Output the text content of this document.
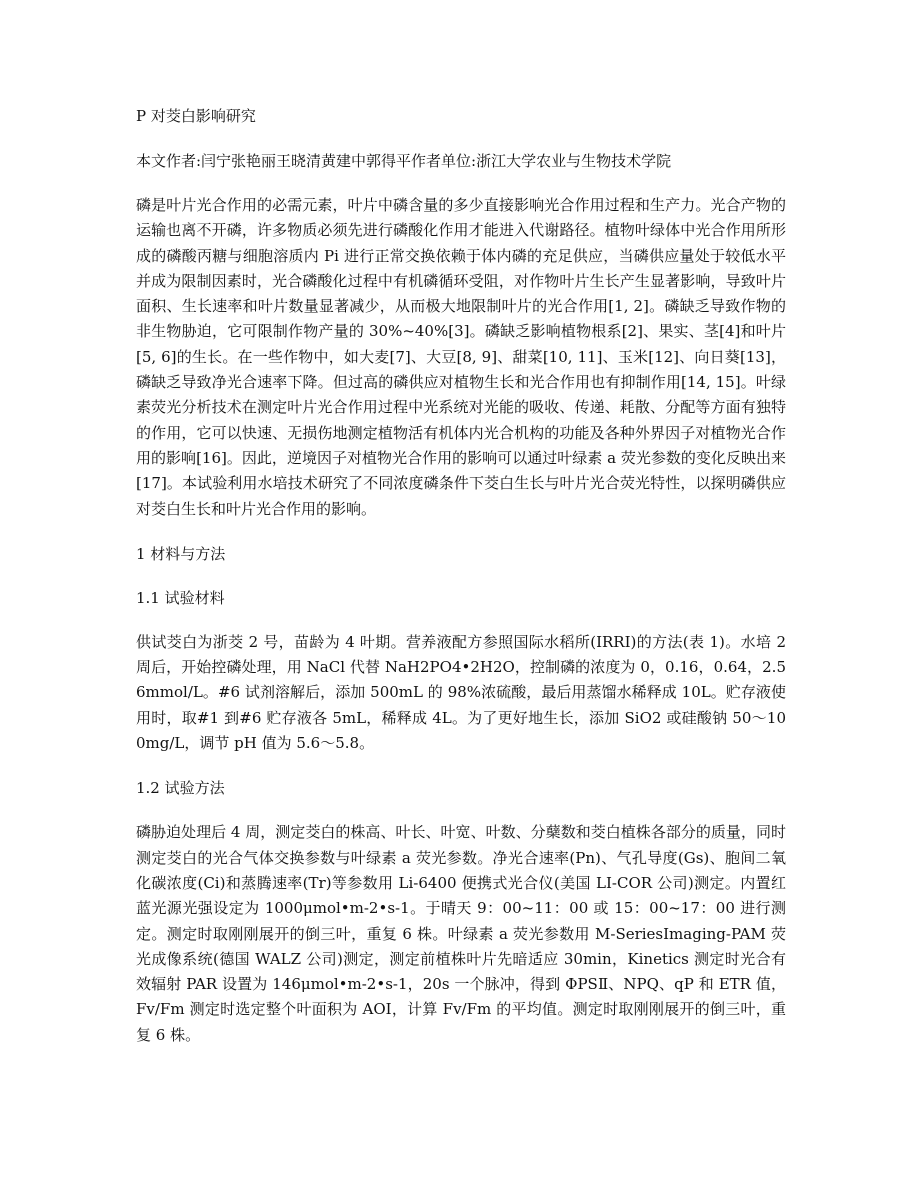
P 对茭白影响研究

本文作者:闫宁张艳丽王晓清黄建中郭得平作者单位:浙江大学农业与生物技术学院

磷是叶片光合作用的必需元素，叶片中磷含量的多少直接影响光合作用过程和生产力。光合产物的运输也离不开磷，许多物质必须先进行磷酸化作用才能进入代谢路径。植物叶绿体中光合作用所形成的磷酸丙糖与细胞溶质内 Pi 进行正常交换依赖于体内磷的充足供应，当磷供应量处于较低水平并成为限制因素时，光合磷酸化过程中有机磷循环受阻，对作物叶片生长产生显著影响，导致叶片面积、生长速率和叶片数量显著减少，从而极大地限制叶片的光合作用[1, 2]。磷缺乏导致作物的非生物胁迫，它可限制作物产量的 30%~40%[3]。磷缺乏影响植物根系[2]、果实、茎[4]和叶片[5, 6]的生长。在一些作物中，如大麦[7]、大豆[8, 9]、甜菜[10, 11]、玉米[12]、向日葵[13]，磷缺乏导致净光合速率下降。但过高的磷供应对植物生长和光合作用也有抑制作用[14, 15]。叶绿素荧光分析技术在测定叶片光合作用过程中光系统对光能的吸收、传递、耗散、分配等方面有独特的作用，它可以快速、无损伤地测定植物活有机体内光合机构的功能及各种外界因子对植物光合作用的影响[16]。因此，逆境因子对植物光合作用的影响可以通过叶绿素 a 荧光参数的变化反映出来[17]。本试验利用水培技术研究了不同浓度磷条件下茭白生长与叶片光合荧光特性，以探明磷供应对茭白生长和叶片光合作用的影响。

1 材料与方法

1.1 试验材料

供试茭白为浙茭 2 号，苗龄为 4 叶期。营养液配方参照国际水稻所(IRRI)的方法(表 1)。水培 2 周后，开始控磷处理，用 NaCl 代替 NaH2PO4•2H2O，控制磷的浓度为 0，0.16，0.64，2.56mmol/L。#6 试剂溶解后，添加 500mL 的 98%浓硫酸，最后用蒸馏水稀释成 10L。贮存液使用时，取#1 到#6 贮存液各 5mL，稀释成 4L。为了更好地生长，添加 SiO2 或硅酸钠 50～100mg/L，调节 pH 值为 5.6～5.8。

1.2 试验方法

磷胁迫处理后 4 周，测定茭白的株高、叶长、叶宽、叶数、分蘖数和茭白植株各部分的质量，同时测定茭白的光合气体交换参数与叶绿素 a 荧光参数。净光合速率(Pn)、气孔导度(Gs)、胞间二氧化碳浓度(Ci)和蒸腾速率(Tr)等参数用 Li-6400 便携式光合仪(美国 LI-COR 公司)测定。内置红蓝光源光强设定为 1000μmol•m-2•s-1。于晴天 9：00~11：00 或 15：00~17：00 进行测定。测定时取刚刚展开的倒三叶，重复 6 株。叶绿素 a 荧光参数用 M-SeriesImaging-PAM 荧光成像系统(德国 WALZ 公司)测定，测定前植株叶片先暗适应 30min，Kinetics 测定时光合有效辐射 PAR 设置为 146μmol•m-2•s-1，20s 一个脉冲，得到 ΦPSⅡ、NPQ、qP 和 ETR 值，Fv/Fm 测定时选定整个叶面积为 AOI，计算 Fv/Fm 的平均值。测定时取刚刚展开的倒三叶，重复 6 株。
